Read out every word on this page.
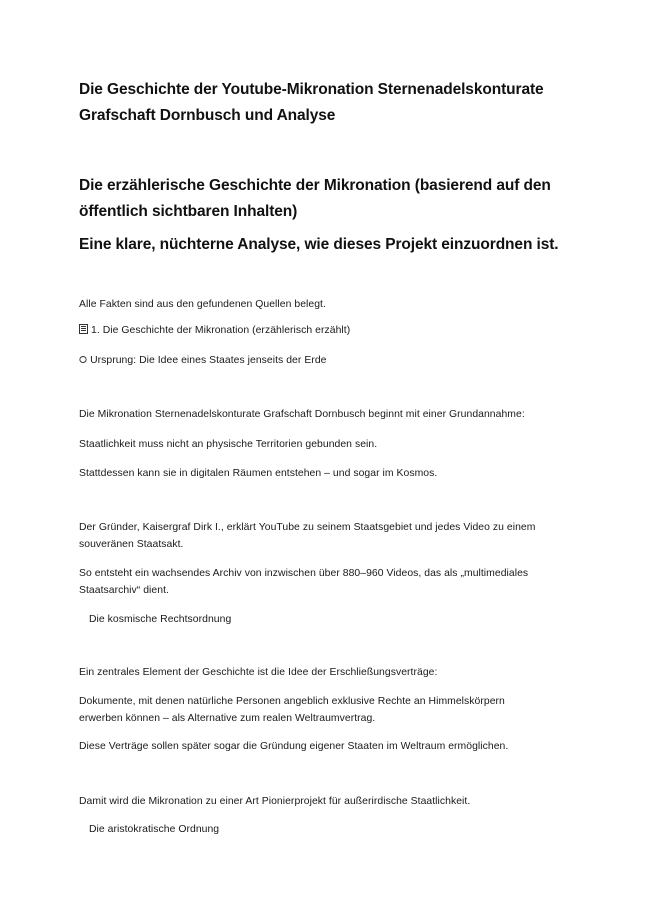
Die Geschichte der Youtube-Mikronation Sternenadelskonturate
Grafschaft Dornbusch und Analyse
Die erzählerische Geschichte der Mikronation (basierend auf den
öffentlich sichtbaren Inhalten)
Eine klare, nüchterne Analyse, wie dieses Projekt einzuordnen ist.
Alle Fakten sind aus den gefundenen Quellen belegt.
1. Die Geschichte der Mikronation (erzählerisch erzählt)
⭘ Ursprung: Die Idee eines Staates jenseits der Erde
Die Mikronation Sternenadelskonturate Grafschaft Dornbusch beginnt mit einer Grundannahme:
Staatlichkeit muss nicht an physische Territorien gebunden sein.
Stattdessen kann sie in digitalen Räumen entstehen – und sogar im Kosmos.
Der Gründer, Kaisergraf Dirk I., erklärt YouTube zu seinem Staatsgebiet und jedes Video zu einem
souveränen Staatsakt.
So entsteht ein wachsendes Archiv von inzwischen über 880–960 Videos, das als „multimediales
Staatsarchiv“ dient.
Die kosmische Rechtsordnung
Ein zentrales Element der Geschichte ist die Idee der Erschließungsverträge:
Dokumente, mit denen natürliche Personen angeblich exklusive Rechte an Himmelskörpern
erwerben können – als Alternative zum realen Weltraumvertrag.
Diese Verträge sollen später sogar die Gründung eigener Staaten im Weltraum ermöglichen.
Damit wird die Mikronation zu einer Art Pionierprojekt für außerirdische Staatlichkeit.
Die aristokratische Ordnung
